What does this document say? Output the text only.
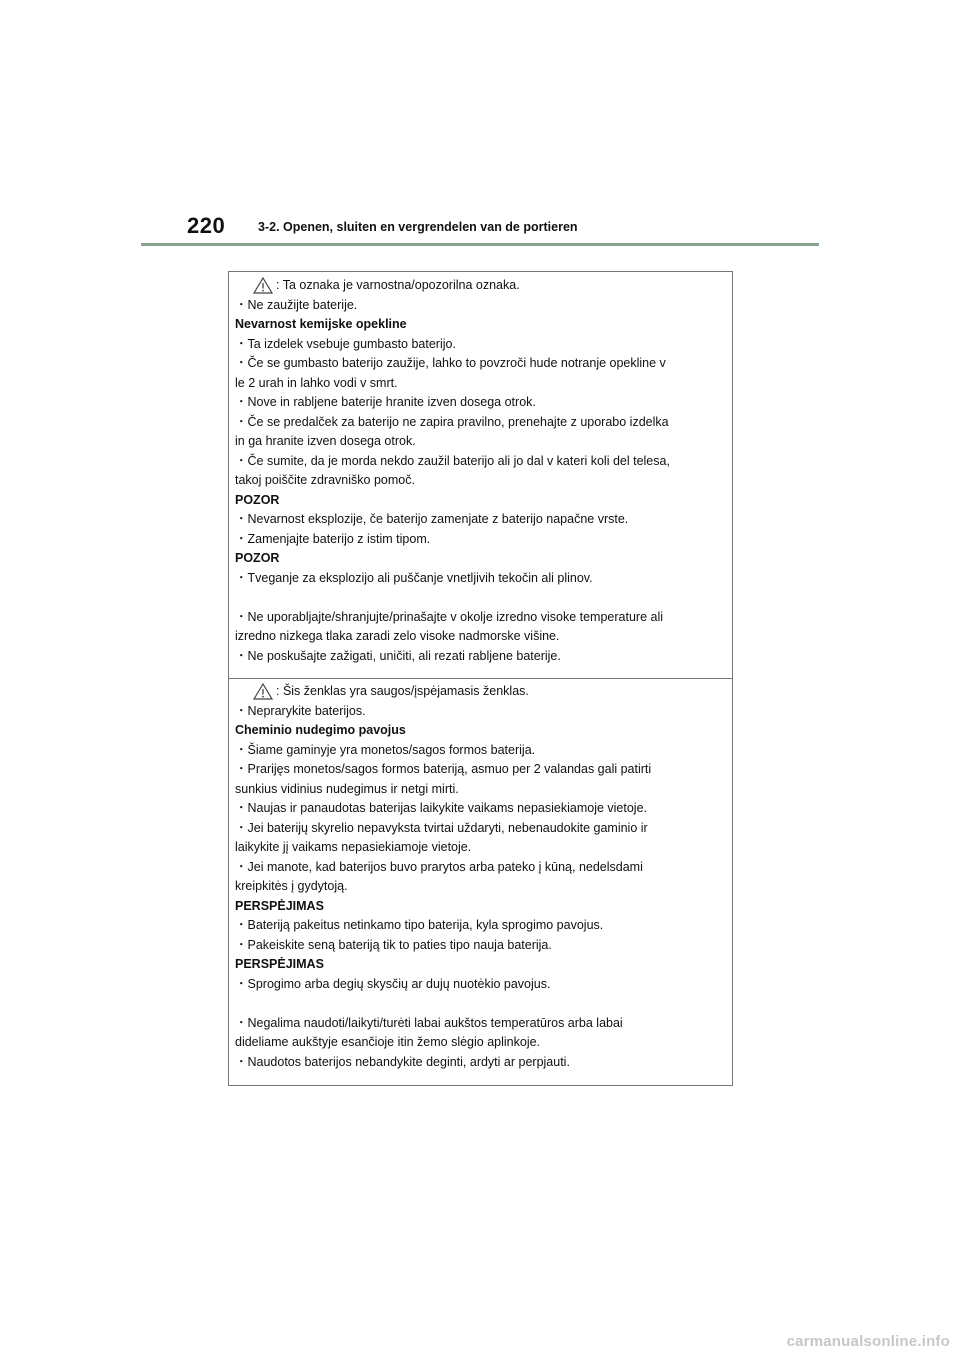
220	3-2. Openen, sluiten en vergrendelen van de portieren
: Ta oznaka je varnostna/opozorilna oznaka.
・Ne zaužijte baterije.
Nevarnost kemijske opekline
・Ta izdelek vsebuje gumbasto baterijo.
・Če se gumbasto baterijo zaužije, lahko to povzroči hude notranje opekline v
le 2 urah in lahko vodi v smrt.
・Nove in rabljene baterije hranite izven dosega otrok.
・Če se predalček za baterijo ne zapira pravilno, prenehajte z uporabo izdelka
in ga hranite izven dosega otrok.
・Če sumite, da je morda nekdo zaužil baterijo ali jo dal v kateri koli del telesa,
takoj poiščite zdravniško pomoč.
POZOR
・Nevarnost eksplozije, če baterijo zamenjate z baterijo napačne vrste.
・Zamenjajte baterijo z istim tipom.
POZOR
・Tveganje za eksplozijo ali puščanje vnetljivih tekočin ali plinov.
・Ne uporabljajte/shranjujte/prinašajte v okolje izredno visoke temperature ali
izredno nizkega tlaka zaradi zelo visoke nadmorske višine.
・Ne poskušajte zažigati, uničiti, ali rezati rabljene baterije.
: Šis ženklas yra saugos/įspėjamasis ženklas.
・Neprarykite baterijos.
Cheminio nudegimo pavojus
・Šiame gaminyje yra monetos/sagos formos baterija.
・Prarijęs monetos/sagos formos bateriją, asmuo per 2 valandas gali patirti
sunkius vidinius nudegimus ir netgi mirti.
・Naujas ir panaudotas baterijas laikykite vaikams nepasiekiamoje vietoje.
・Jei baterijų skyrelio nepavyksta tvirtai uždaryti, nebenaudokite gaminio ir
laikykite jį vaikams nepasiekiamoje vietoje.
・Jei manote, kad baterijos buvo prarytos arba pateko į kūną, nedelsdami
kreipkitės į gydytoją.
PERSPĖJIMAS
・Bateriją pakeitus netinkamo tipo baterija, kyla sprogimo pavojus.
・Pakeiskite seną bateriją tik to paties tipo nauja baterija.
PERSPĖJIMAS
・Sprogimo arba degių skysčių ar dujų nuotėkio pavojus.
・Negalima naudoti/laikyti/turėti labai aukštos temperatūros arba labai
dideliame aukštyje esančioje itin žemo slėgio aplinkoje.
・Naudotos baterijos nebandykite deginti, ardyti ar perpjauti.
carmanualsonline.info
